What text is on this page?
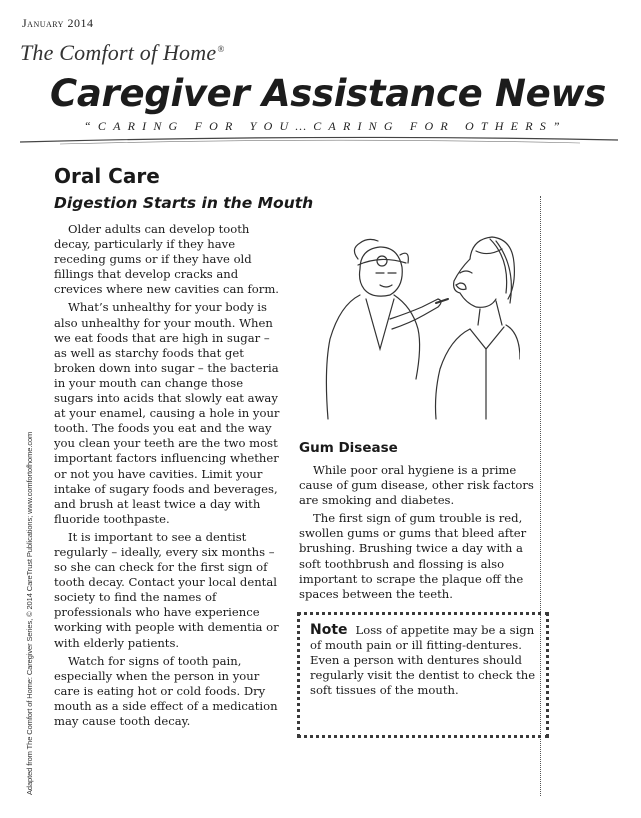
January 2014
The Comfort of Home®
Caregiver Assistance News
“CARING FOR YOU…CARING FOR OTHERS”
Adapted from The Comfort of Home: Caregiver Series, © 2014 CareTrust Publications; www.comfortofhome.com
Oral Care
Digestion Starts in the Mouth

Older adults can develop tooth decay, particularly if they have receding gums or if they have old fillings that develop cracks and crevices where new cavities can form.

What’s unhealthy for your body is also unhealthy for your mouth. When we eat foods that are high in sugar – as well as starchy foods that get broken down into sugar – the bacteria in your mouth can change those sugars into acids that slowly eat away at your enamel, causing a hole in your tooth. The foods you eat and the way you clean your teeth are the two most important factors influencing whether or not you have cavities. Limit your intake of sugary foods and beverages, and brush at least twice a day with fluoride toothpaste.

It is important to see a dentist regularly – ideally, every six months – so she can check for the first sign of tooth decay. Contact your local dental society to find the names of professionals who have experience working with people with dementia or with elderly patients.

Watch for signs of tooth pain, especially when the person in your care is eating hot or cold foods. Dry mouth as a side effect of a medication may cause tooth decay.

Gum Disease

While poor oral hygiene is a prime cause of gum disease, other risk factors are smoking and diabetes.

The first sign of gum trouble is red, swollen gums or gums that bleed after brushing. Brushing twice a day with a soft toothbrush and flossing is also important to scrape the plaque off the spaces between the teeth.

Note Loss of appetite may be a sign of mouth pain or ill fitting-dentures. Even a person with dentures should regularly visit the dentist to check the soft tissues of the mouth.
